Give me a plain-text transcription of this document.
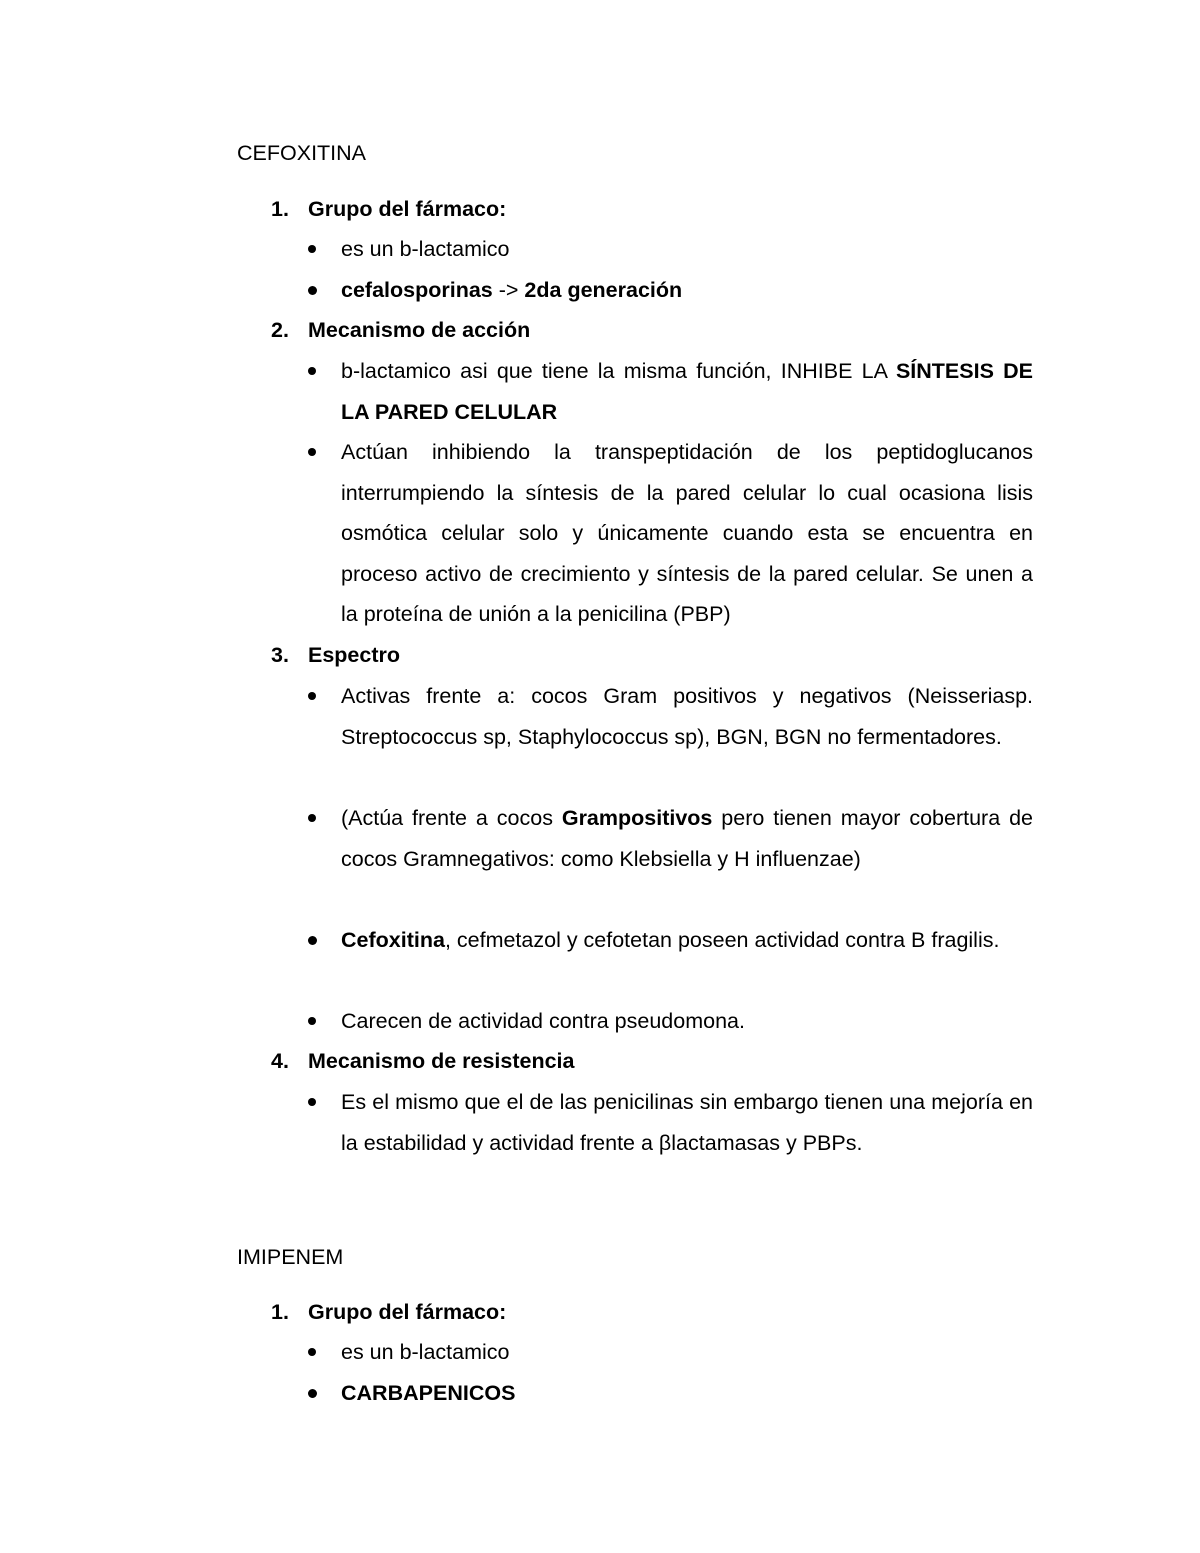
CEFOXITINA
1. Grupo del fármaco:
es un b-lactamico
cefalosporinas -> 2da generación
2. Mecanismo de acción
b-lactamico asi que tiene la misma función, INHIBE LA SÍNTESIS DE LA PARED CELULAR
Actúan inhibiendo la transpeptidación de los peptidoglucanos interrumpiendo la síntesis de la pared celular lo cual ocasiona lisis osmótica celular solo y únicamente cuando esta se encuentra en proceso activo de crecimiento y síntesis de la pared celular. Se unen a la proteína de unión a la penicilina (PBP)
3. Espectro
Activas frente a: cocos Gram positivos y negativos (Neisseriasp. Streptococcus sp, Staphylococcus sp), BGN, BGN no fermentadores.
(Actúa frente a cocos Grampositivos pero tienen mayor cobertura de cocos Gramnegativos: como Klebsiella y H influenzae)
Cefoxitina, cefmetazol y cefotetan poseen actividad contra B fragilis.
Carecen de actividad contra pseudomona.
4. Mecanismo de resistencia
Es el mismo que el de las penicilinas sin embargo tienen una mejoría en la estabilidad y actividad frente a βlactamasas y PBPs.
IMIPENEM
1. Grupo del fármaco:
es un b-lactamico
CARBAPENICOS
